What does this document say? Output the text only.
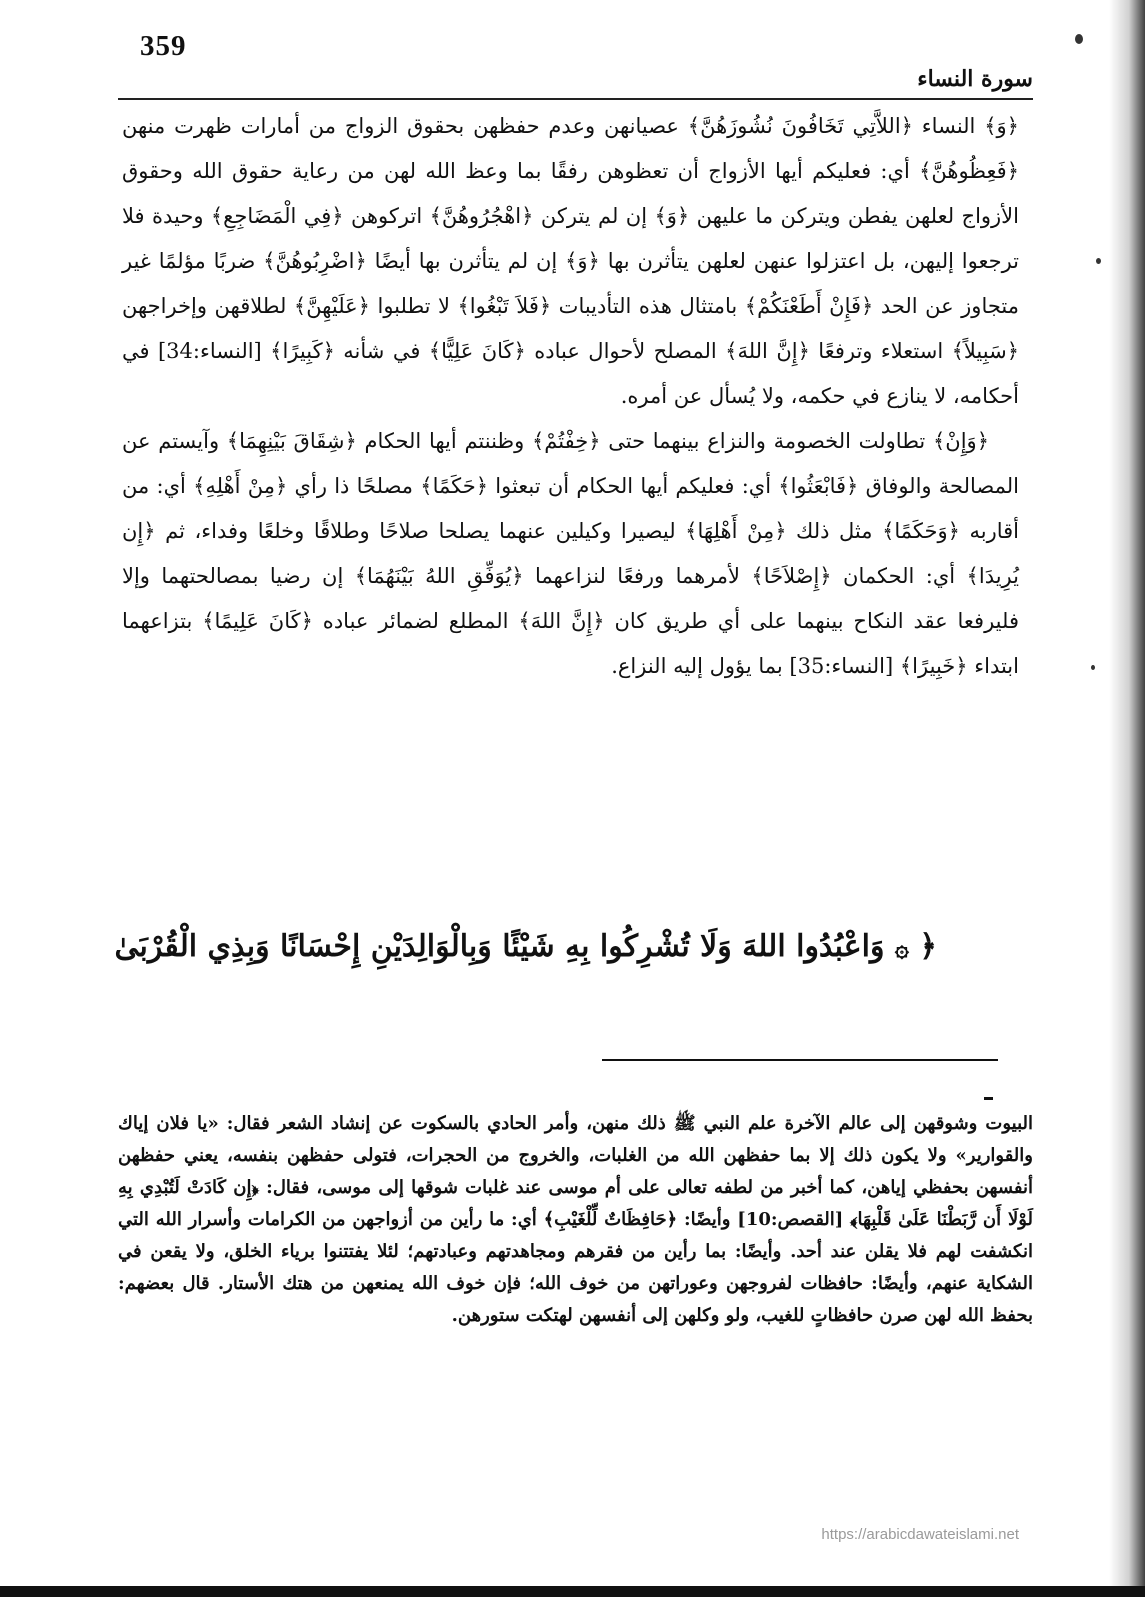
359
سورة النساء

﴿وَ﴾ النساء ﴿اللاَّتِي تَخَافُونَ نُشُوزَهُنَّ﴾ عصيانهن وعدم حفظهن بحقوق الزواج من أمارات ظهرت منهن ﴿فَعِظُوهُنَّ﴾ أي: فعليكم أيها الأزواج أن تعظوهن رفقًا بما وعظ الله لهن من رعاية حقوق الله وحقوق الأزواج لعلهن يفطن ويتركن ما عليهن ﴿وَ﴾ إن لم يتركن ﴿اهْجُرُوهُنَّ﴾ اتركوهن ﴿فِي الْمَضَاجِعِ﴾ وحيدة فلا ترجعوا إليهن، بل اعتزلوا عنهن لعلهن يتأثرن بها ﴿وَ﴾ إن لم يتأثرن بها أيضًا ﴿اضْرِبُوهُنَّ﴾ ضربًا مؤلمًا غير متجاوز عن الحد ﴿فَإِنْ أَطَعْنَكُمْ﴾ بامتثال هذه التأديبات ﴿فَلاَ تَبْغُوا﴾ لا تطلبوا ﴿عَلَيْهِنَّ﴾ لطلاقهن وإخراجهن ﴿سَبِيلاً﴾ استعلاء وترفعًا ﴿إِنَّ اللهَ﴾ المصلح لأحوال عباده ﴿كَانَ عَلِيًّا﴾ في شأنه ﴿كَبِيرًا﴾ [النساء:34] في أحكامه، لا ينازع في حكمه، ولا يُسأل عن أمره.

﴿وَإِنْ﴾ تطاولت الخصومة والنزاع بينهما حتى ﴿خِفْتُمْ﴾ وظننتم أيها الحكام ﴿شِقَاقَ بَيْنِهِمَا﴾ وآيستم عن المصالحة والوفاق ﴿فَابْعَثُوا﴾ أي: فعليكم أيها الحكام أن تبعثوا ﴿حَكَمًا﴾ مصلحًا ذا رأي ﴿مِنْ أَهْلِهِ﴾ أي: من أقاربه ﴿وَحَكَمًا﴾ مثل ذلك ﴿مِنْ أَهْلِهَا﴾ ليصيرا وكيلين عنهما يصلحا صلاحًا وطلاقًا وخلعًا وفداء، ثم ﴿إِن يُرِيدَا﴾ أي: الحكمان ﴿إِصْلاَحًا﴾ لأمرهما ورفعًا لنزاعهما ﴿يُوَفِّقِ اللهُ بَيْنَهُمَا﴾ إن رضيا بمصالحتهما وإلا فليرفعا عقد النكاح بينهما على أي طريق كان ﴿إِنَّ اللهَ﴾ المطلع لضمائر عباده ﴿كَانَ عَلِيمًا﴾ بتزاعهما ابتداء ﴿خَبِيرًا﴾ [النساء:35] بما يؤول إليه النزاع.

﴿ ۞ وَاعْبُدُوا اللهَ وَلَا تُشْرِكُوا بِهِ شَيْئًا وَبِالْوَالِدَيْنِ إِحْسَانًا وَبِذِي الْقُرْبَىٰ

البيوت وشوقهن إلى عالم الآخرة علم النبي ﷺ ذلك منهن، وأمر الحادي بالسكوت عن إنشاد الشعر فقال: «يا فلان إياك والقوارير» ولا يكون ذلك إلا بما حفظهن الله من الغلبات، والخروج من الحجرات، فتولى حفظهن بنفسه، يعني حفظهن أنفسهن بحفظي إياهن، كما أخبر من لطفه تعالى على أم موسى عند غلبات شوقها إلى موسى، فقال: ﴿إِن كَادَتْ لَتُبْدِي بِهِ لَوْلَا أَن رَّبَطْنَا عَلَىٰ قَلْبِهَا﴾ [القصص:10] وأيضًا: ﴿حَافِظَاتٌ لِّلْغَيْبِ﴾ أي: ما رأين من أزواجهن من الكرامات وأسرار الله التي انكشفت لهم فلا يقلن عند أحد. وأيضًا: بما رأين من فقرهم ومجاهدتهم وعبادتهم؛ لئلا يفتتنوا برياء الخلق، ولا يقعن في الشكاية عنهم، وأيضًا: حافظات لفروجهن وعوراتهن من خوف الله؛ فإن خوف الله يمنعهن من هتك الأستار. قال بعضهم: بحفظ الله لهن صرن حافظاتٍ للغيب، ولو وكلهن إلى أنفسهن لهتكت ستورهن.

https://arabicdawateislami.net
